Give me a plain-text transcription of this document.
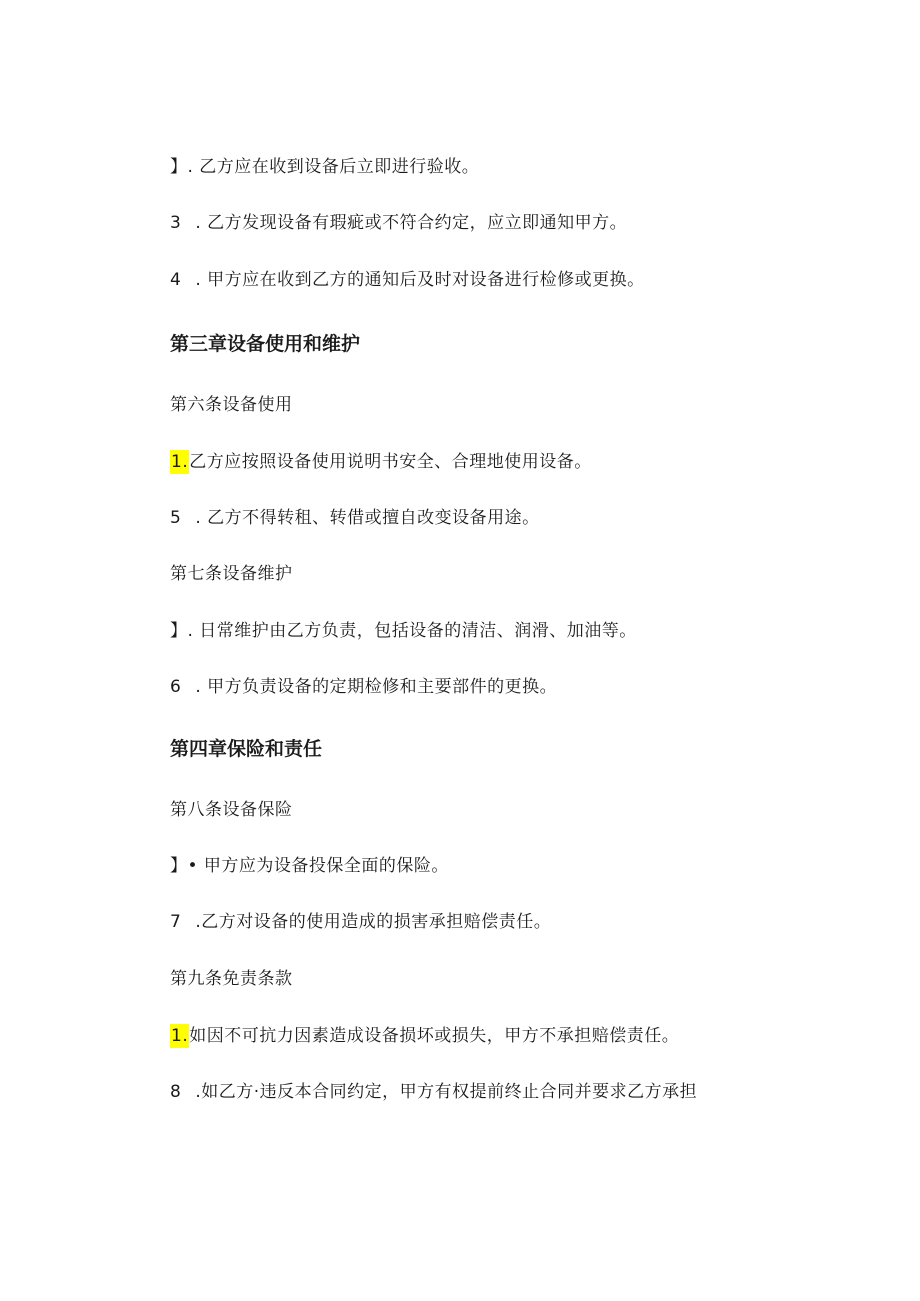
】. 乙方应在收到设备后立即进行验收。
3 . 乙方发现设备有瑕疵或不符合约定，应立即通知甲方。
4 . 甲方应在收到乙方的通知后及时对设备进行检修或更换。
第三章设备使用和维护
第六条设备使用
1.乙方应按照设备使用说明书安全、合理地使用设备。
5 . 乙方不得转租、转借或擅自改变设备用途。
第七条设备维护
】. 日常维护由乙方负责，包括设备的清洁、润滑、加油等。
6 . 甲方负责设备的定期检修和主要部件的更换。
第四章保险和责任
第八条设备保险
】• 甲方应为设备投保全面的保险。
7 .乙方对设备的使用造成的损害承担赔偿责任。
第九条免责条款
1.如因不可抗力因素造成设备损坏或损失，甲方不承担赔偿责任。
8 .如乙方·违反本合同约定，甲方有权提前终止合同并要求乙方承担
